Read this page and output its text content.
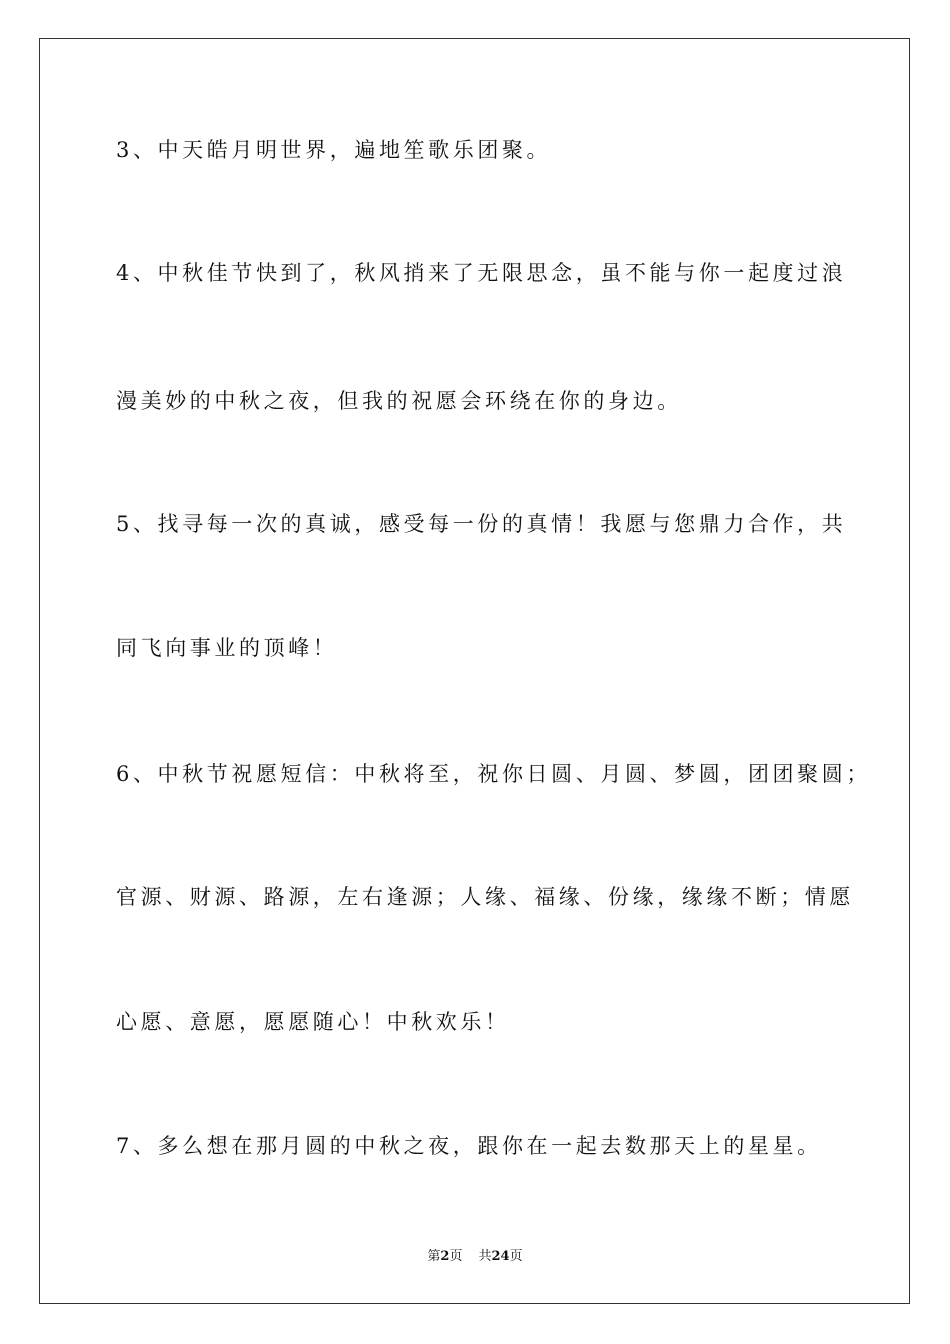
3、中天皓月明世界，遍地笙歌乐团聚。
4、中秋佳节快到了，秋风捎来了无限思念，虽不能与你一起度过浪
漫美妙的中秋之夜，但我的祝愿会环绕在你的身边。
5、找寻每一次的真诚，感受每一份的真情！我愿与您鼎力合作，共
同飞向事业的顶峰！
6、中秋节祝愿短信：中秋将至，祝你日圆、月圆、梦圆，团团聚圆；
官源、财源、路源，左右逢源；人缘、福缘、份缘，缘缘不断；情愿
心愿、意愿，愿愿随心！中秋欢乐！
7、多么想在那月圆的中秋之夜，跟你在一起去数那天上的星星。
第2页 共24页
